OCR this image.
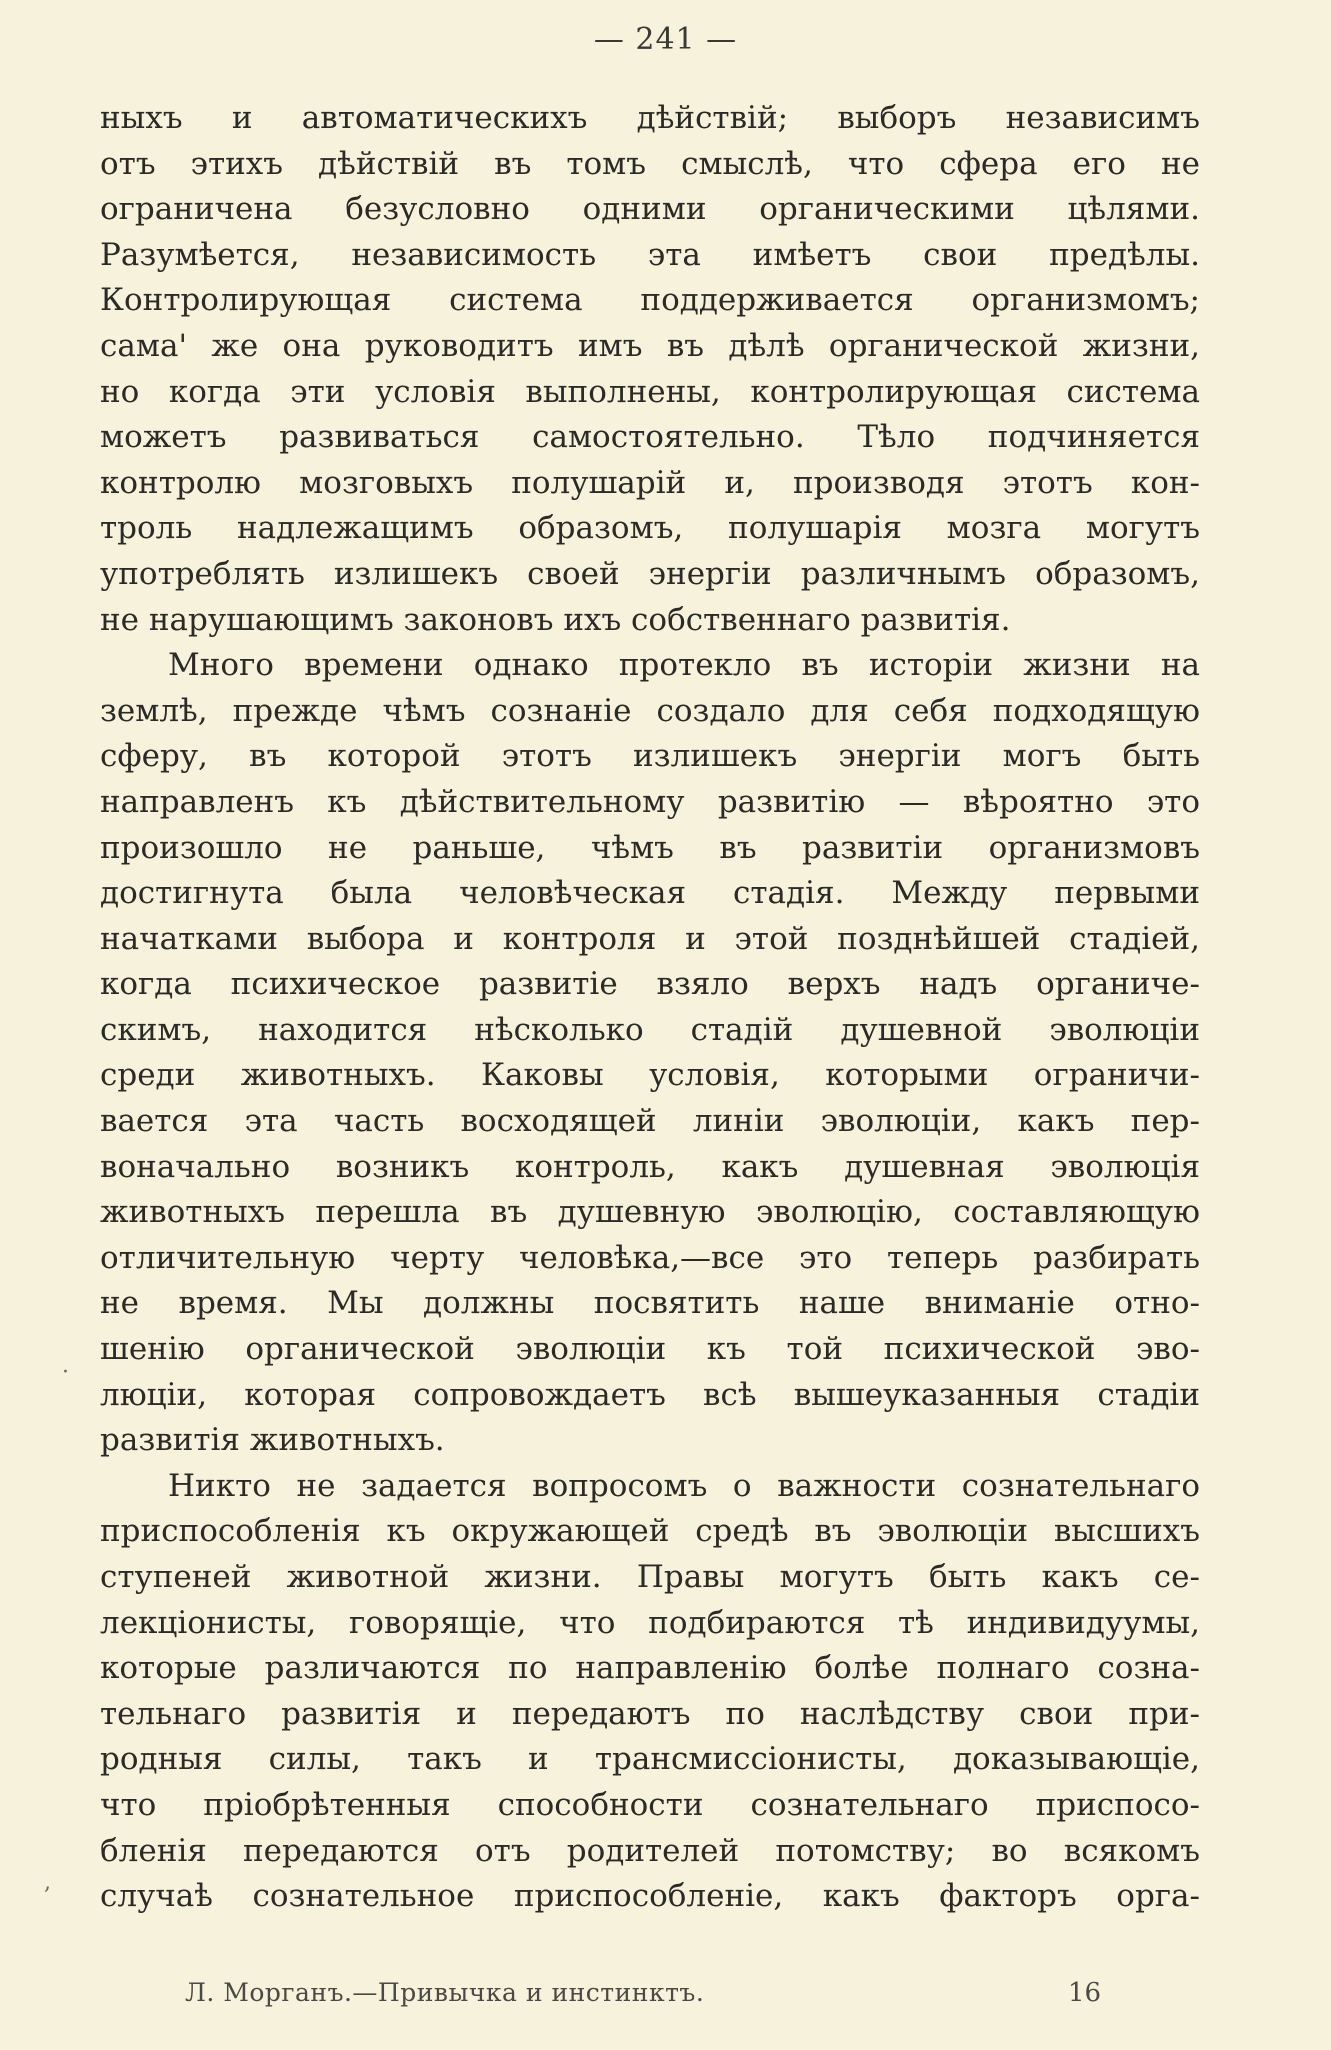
— 241 —
ныхъ и автоматическихъ дѣйствій; выборъ независимъ
отъ этихъ дѣйствій въ томъ смыслѣ, что сфера его не
ограничена безусловно одними органическими цѣлями.
Разумѣется, независимость эта имѣетъ свои предѣлы.
Контролирующая система поддерживается организмомъ;
сама' же она руководитъ имъ въ дѣлѣ органической жизни,
но когда эти условія выполнены, контролирующая система
можетъ развиваться самостоятельно. Тѣло подчиняется
контролю мозговыхъ полушарій и, производя этотъ кон-
троль надлежащимъ образомъ, полушарія мозга могутъ
употреблять излишекъ своей энергіи различнымъ образомъ,
не нарушающимъ законовъ ихъ собственнаго развитія.
Много времени однако протекло въ исторіи жизни на
землѣ, прежде чѣмъ сознаніе создало для себя подходящую
сферу, въ которой этотъ излишекъ энергіи могъ быть
направленъ къ дѣйствительному развитію — вѣроятно это
произошло не раньше, чѣмъ въ развитіи организмовъ
достигнута была человѣческая стадія. Между первыми
начатками выбора и контроля и этой позднѣйшей стадіей,
когда психическое развитіе взяло верхъ надъ органиче-
скимъ, находится нѣсколько стадій душевной эволюціи
среди животныхъ. Каковы условія, которыми ограничи-
вается эта часть восходящей линіи эволюціи, какъ пер-
воначально возникъ контроль, какъ душевная эволюція
животныхъ перешла въ душевную эволюцію, составляющую
отличительную черту человѣка,—все это теперь разбирать
не время. Мы должны посвятить наше вниманіе отно-
шенію органической эволюціи къ той психической эво-
люціи, которая сопровождаетъ всѣ вышеуказанныя стадіи
развитія животныхъ.
Никто не задается вопросомъ о важности сознательнаго
приспособленія къ окружающей средѣ въ эволюціи высшихъ
ступеней животной жизни. Правы могутъ быть какъ се-
лекціонисты, говорящіе, что подбираются тѣ индивидуумы,
которые различаются по направленію болѣе полнаго созна-
тельнаго развитія и передаютъ по наслѣдству свои при-
родныя силы, такъ и трансмиссіонисты, доказывающіе,
что пріобрѣтенныя способности сознательнаго приспосо-
бленія передаются отъ родителей потомству; во всякомъ
случаѣ сознательное приспособленіе, какъ факторъ орга-
Л. Морганъ.—Привычка и инстинктъ.	16
·
,
